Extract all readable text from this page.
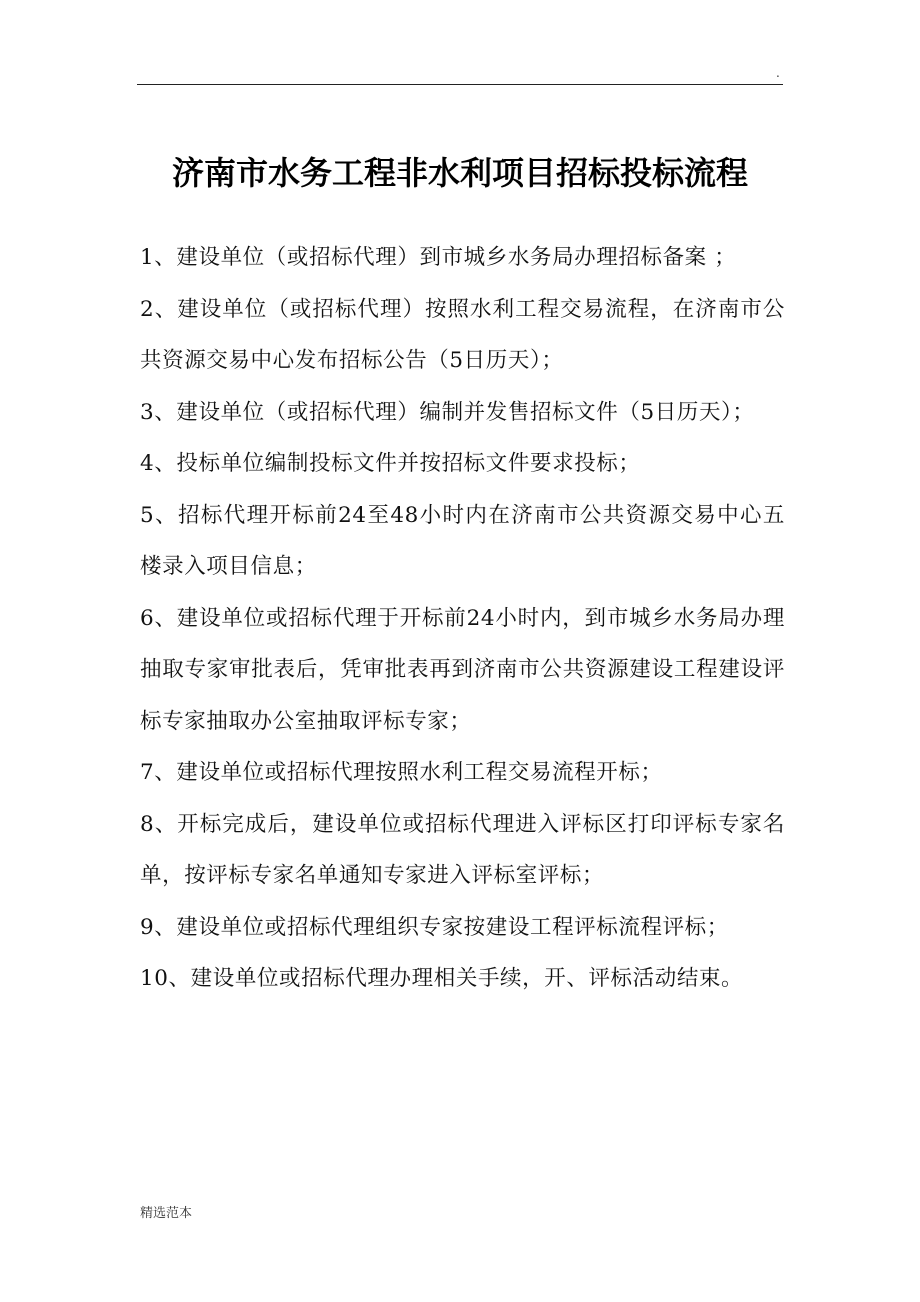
.
济南市水务工程非水利项目招标投标流程
1、建设单位（或招标代理）到市城乡水务局办理招标备案 ；
2、建设单位（或招标代理）按照水利工程交易流程，在济南市公共资源交易中心发布招标公告（5日历天）；
3、建设单位（或招标代理）编制并发售招标文件（5日历天）；
4、投标单位编制投标文件并按招标文件要求投标；
5、招标代理开标前24至48小时内在济南市公共资源交易中心五楼录入项目信息；
6、建设单位或招标代理于开标前24小时内，到市城乡水务局办理抽取专家审批表后，凭审批表再到济南市公共资源建设工程建设评标专家抽取办公室抽取评标专家；
7、建设单位或招标代理按照水利工程交易流程开标；
8、开标完成后，建设单位或招标代理进入评标区打印评标专家名单，按评标专家名单通知专家进入评标室评标；
9、建设单位或招标代理组织专家按建设工程评标流程评标；
10、建设单位或招标代理办理相关手续，开、评标活动结束。
精选范本
